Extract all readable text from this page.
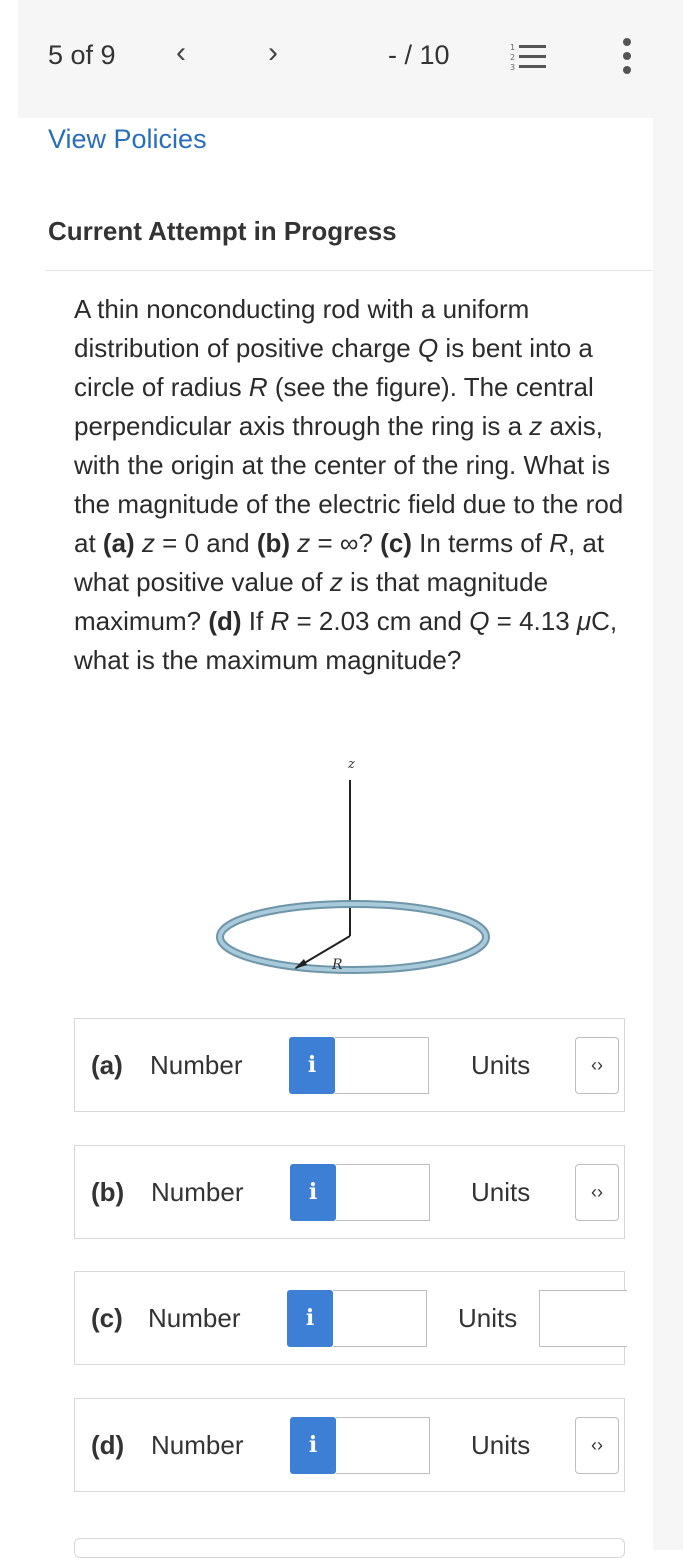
5 of 9 ‹	›	- / 10	1
2
3
View Policies
Current Attempt in Progress
A thin nonconducting rod with a uniform distribution of positive charge Q is bent into a circle of radius R (see the figure). The central perpendicular axis through the ring is a z axis, with the origin at the center of the ring. What is the magnitude of the electric field due to the rod at (a) z = 0 and (b) z = ∞? (c) In terms of R, at what positive value of z is that magnitude maximum? (d) If R = 2.03 cm and Q = 4.13 μC, what is the maximum magnitude?
z
R
(a) Number	i	Units	‹›
(b) Number	i	Units	‹›
(c) Number	i	Units
(d) Number	i	Units	‹›
